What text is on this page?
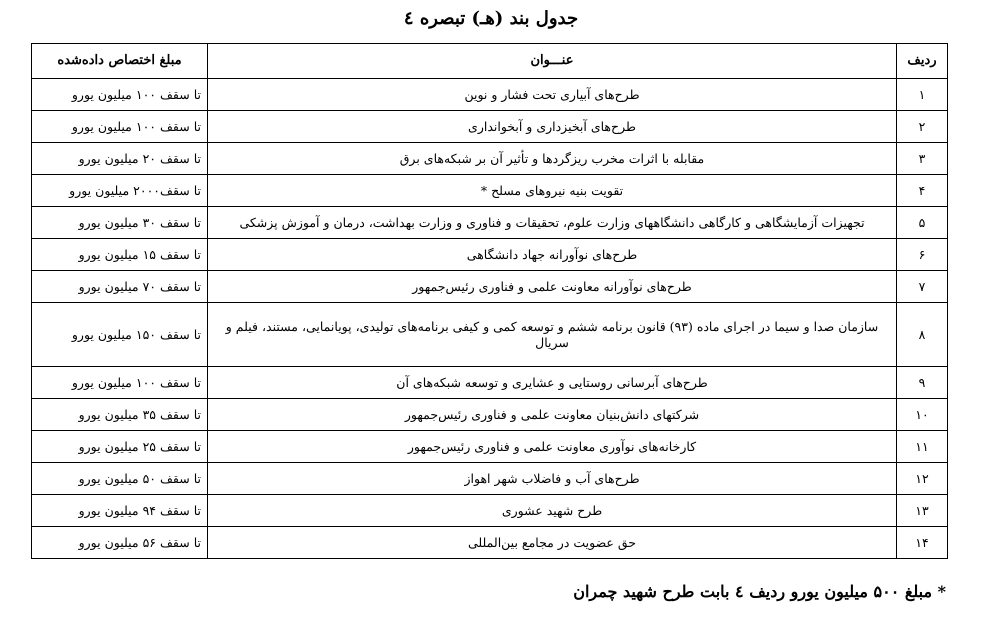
جدول بند (هـ) تبصره ٤
ردیف	عنـــوان	مبلغ اختصاص داده‌شده
١	طرح‌های آبیاری تحت فشار و نوین	تا سقف ١٠٠ میلیون یورو
٢	طرح‌های آبخیزداری و آبخوانداری	تا سقف ١٠٠ میلیون یورو
٣	مقابله با اثرات مخرب ریزگردها و تأثیر آن بر شبکه‌های برق	تا سقف ٢٠ میلیون یورو
۴	تقویت بنیه نیروهای مسلح *	تا سقف٢٠٠٠ میلیون یورو
۵	تجهیزات آزمایشگاهی و کارگاهی دانشگاههای وزارت علوم، تحقیقات و فناوری و وزارت بهداشت، درمان و آموزش پزشکی	تا سقف ٣٠ میلیون یورو
۶	طرح‌های نوآورانه جهاد دانشگاهی	تا سقف ١۵ میلیون یورو
٧	طرح‌های نوآورانه معاونت علمی و فناوری رئیس‌جمهور	تا سقف ٧٠ میلیون یورو
٨	سازمان صدا و سیما در اجرای ماده (٩٣) قانون برنامه ششم و توسعه کمی و کیفی برنامه‌های تولیدی، پویانمایی، مستند، فیلم و سریال	تا سقف ١۵٠ میلیون یورو
٩	طرح‌های آبرسانی روستایی و عشایری و توسعه شبکه‌های آن	تا سقف ١٠٠ میلیون یورو
١٠	شرکتهای دانش‌بنیان معاونت علمی و فناوری رئیس‌جمهور	تا سقف ٣۵ میلیون یورو
١١	کارخانه‌های نوآوری معاونت علمی و فناوری رئیس‌جمهور	تا سقف ٢۵ میلیون یورو
١٢	طرح‌های آب و فاضلاب شهر اهواز	تا سقف ۵٠ میلیون یورو
١٣	طرح شهید عشوری	تا سقف ٩۴ میلیون یورو
١۴	حق عضویت در مجامع بین‌المللی	تا سقف ۵۶ میلیون یورو
* مبلغ ۵٠٠ میلیون یورو ردیف ٤ بابت طرح شهید چمران
